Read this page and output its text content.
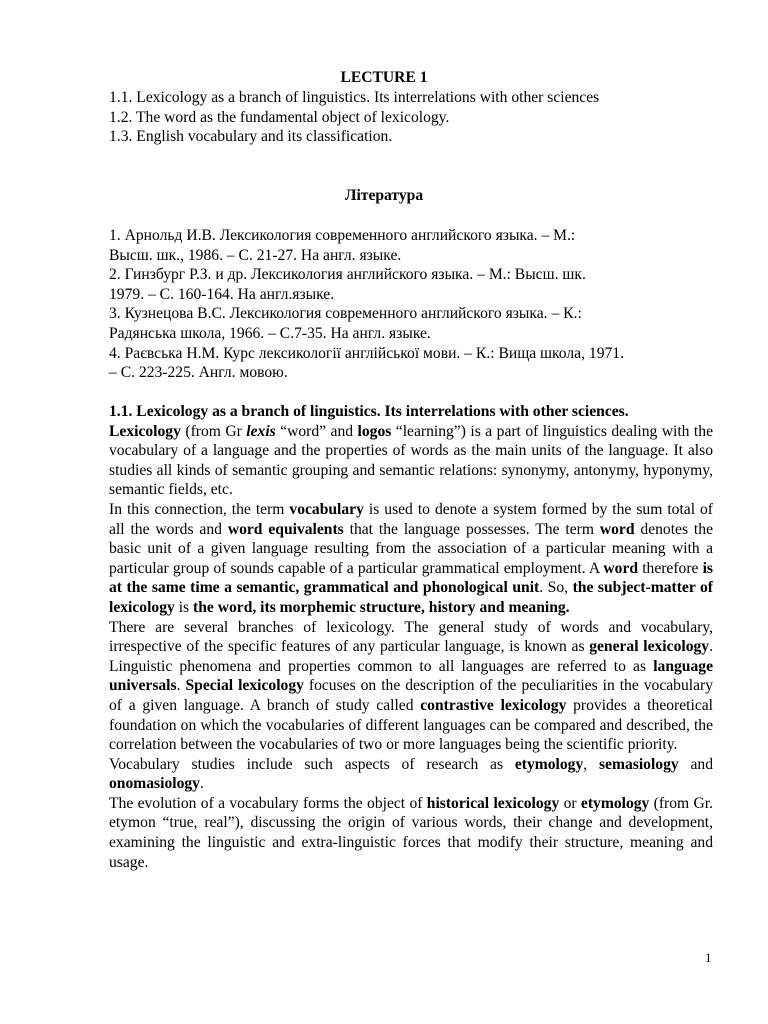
LECTURE 1
1.1. Lexicology as a branch of linguistics. Its interrelations with other sciences
1.2. The word as the fundamental object of lexicology.
1.3. English vocabulary and its classification.
Література
1. Арнольд И.В. Лексикология современного английского языка. – М.:
Высш. шк., 1986. – С. 21-27. На англ. языке.
2. Гинзбург Р.З. и др. Лексикология английского языка. – М.: Высш. шк.
1979. – С. 160-164. На англ.языке.
3. Кузнецова В.С. Лексикология современного английского языка. – К.:
Радянська школа, 1966. – С.7-35. На англ. языке.
4. Раєвська Н.М. Курс лексикології англійської мови. – К.: Вища школа, 1971.
– С. 223-225. Англ. мовою.

1.1. Lexicology as a branch of linguistics. Its interrelations with other sciences.

Lexicology (from Gr lexis “word” and logos “learning”) is a part of linguistics dealing with the vocabulary of a language and the properties of words as the main units of the language. It also studies all kinds of semantic grouping and semantic relations: synonymy, antonymy, hyponymy, semantic fields, etc.

In this connection, the term vocabulary is used to denote a system formed by the sum total of all the words and word equivalents that the language possesses. The term word denotes the basic unit of a given language resulting from the association of a particular meaning with a particular group of sounds capable of a particular grammatical employment. A word therefore is at the same time a semantic, grammatical and phonological unit. So, the subject-matter of lexicology is the word, its morphemic structure, history and meaning.

There are several branches of lexicology. The general study of words and vocabulary, irrespective of the specific features of any particular language, is known as general lexicology. Linguistic phenomena and properties common to all languages are referred to as language universals. Special lexicology focuses on the description of the peculiarities in the vocabulary of a given language. A branch of study called contrastive lexicology provides a theoretical foundation on which the vocabularies of different languages can be compared and described, the correlation between the vocabularies of two or more languages being the scientific priority.

Vocabulary studies include such aspects of research as etymology, semasiology and onomasiology.

The evolution of a vocabulary forms the object of historical lexicology or etymology (from Gr. etymon “true, real”), discussing the origin of various words, their change and development, examining the linguistic and extra-linguistic forces that modify their structure, meaning and usage.

1
